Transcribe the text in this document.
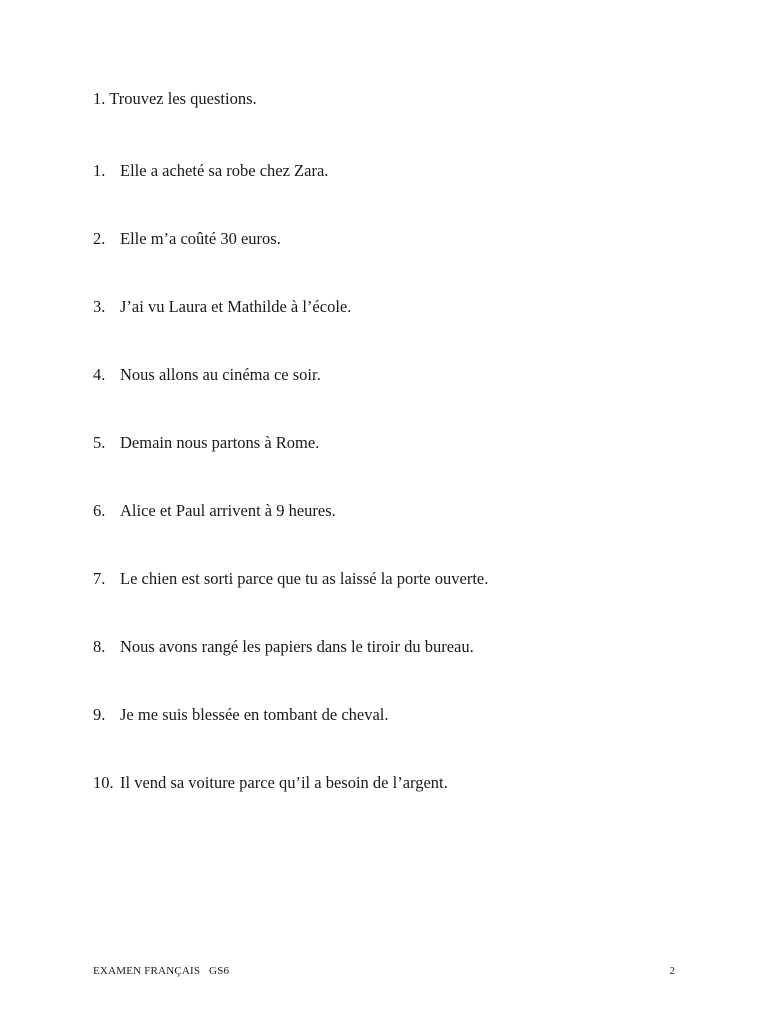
1. Trouvez les questions.
1. Elle a acheté sa robe chez Zara.
2. Elle m’a coûté 30 euros.
3. J’ai vu Laura et Mathilde à l’école.
4. Nous allons au cinéma ce soir.
5. Demain nous partons à Rome.
6. Alice et Paul arrivent à 9 heures.
7. Le chien est sorti parce que tu as laissé la porte ouverte.
8. Nous avons rangé les papiers dans le tiroir du bureau.
9. Je me suis blessée en tombant de cheval.
10. Il vend sa voiture parce qu’il a besoin de l’argent.
EXAMEN FRANÇAIS   GS6	2
